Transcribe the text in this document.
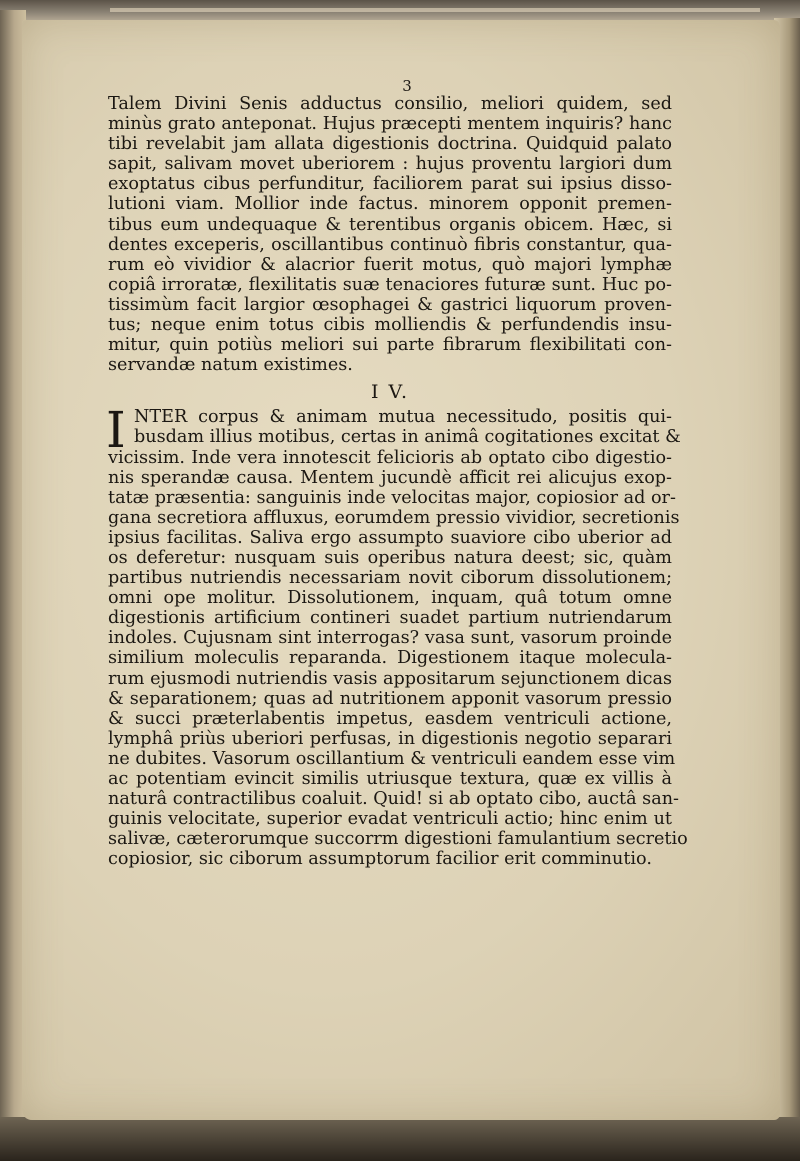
3
Talem Divini Senis adductus consilio, meliori quidem, sed
minùs grato anteponat. Hujus præcepti mentem inquiris? hanc
tibi revelabit jam allata digestionis doctrina. Quidquid palato
sapit, salivam movet uberiorem : hujus proventu largiori dum
exoptatus cibus perfunditur, faciliorem parat sui ipsius disso-
lutioni viam. Mollior inde factus. minorem opponit premen-
tibus eum undequaque & terentibus organis obicem. Hæc, si
dentes exceperis, oscillantibus continuò fibris constantur, qua-
rum eò vividior & alacrior fuerit motus, quò majori lymphæ
copiâ irroratæ, flexilitatis suæ tenaciores futuræ sunt. Huc po-
tissimùm facit largior œsophagei & gastrici liquorum proven-
tus; neque enim totus cibis molliendis & perfundendis insu-
mitur, quin potiùs meliori sui parte fibrarum flexibilitati con-
servandæ natum existimes.
I V.
I NTER corpus & animam mutua necessitudo, positis qui-
busdam illius motibus, certas in animâ cogitationes excitat &
vicissim. Inde vera innotescit felicioris ab optato cibo digestio-
nis sperandæ causa. Mentem jucundè afficit rei alicujus exop-
tatæ præsentia: sanguinis inde velocitas major, copiosior ad or-
gana secretiora affluxus, eorumdem pressio vividior, secretionis
ipsius facilitas. Saliva ergo assumpto suaviore cibo uberior ad
os deferetur: nusquam suis operibus natura deest; sic, quàm
partibus nutriendis necessariam novit ciborum dissolutionem;
omni ope molitur. Dissolutionem, inquam, quâ totum omne
digestionis artificium contineri suadet partium nutriendarum
indoles. Cujusnam sint interrogas? vasa sunt, vasorum proinde
similium moleculis reparanda. Digestionem itaque molecula-
rum ejusmodi nutriendis vasis appositarum sejunctionem dicas
& separationem; quas ad nutritionem apponit vasorum pressio
& succi præterlabentis impetus, easdem ventriculi actione,
lymphâ priùs uberiori perfusas, in digestionis negotio separari
ne dubites. Vasorum oscillantium & ventriculi eandem esse vim
ac potentiam evincit similis utriusque textura, quæ ex villis à
naturâ contractilibus coaluit. Quid! si ab optato cibo, auctâ san-
guinis velocitate, superior evadat ventriculi actio; hinc enim ut
salivæ, cæterorumque succorrm digestioni famulantium secretio
copiosior, sic ciborum assumptorum facilior erit comminutio.
